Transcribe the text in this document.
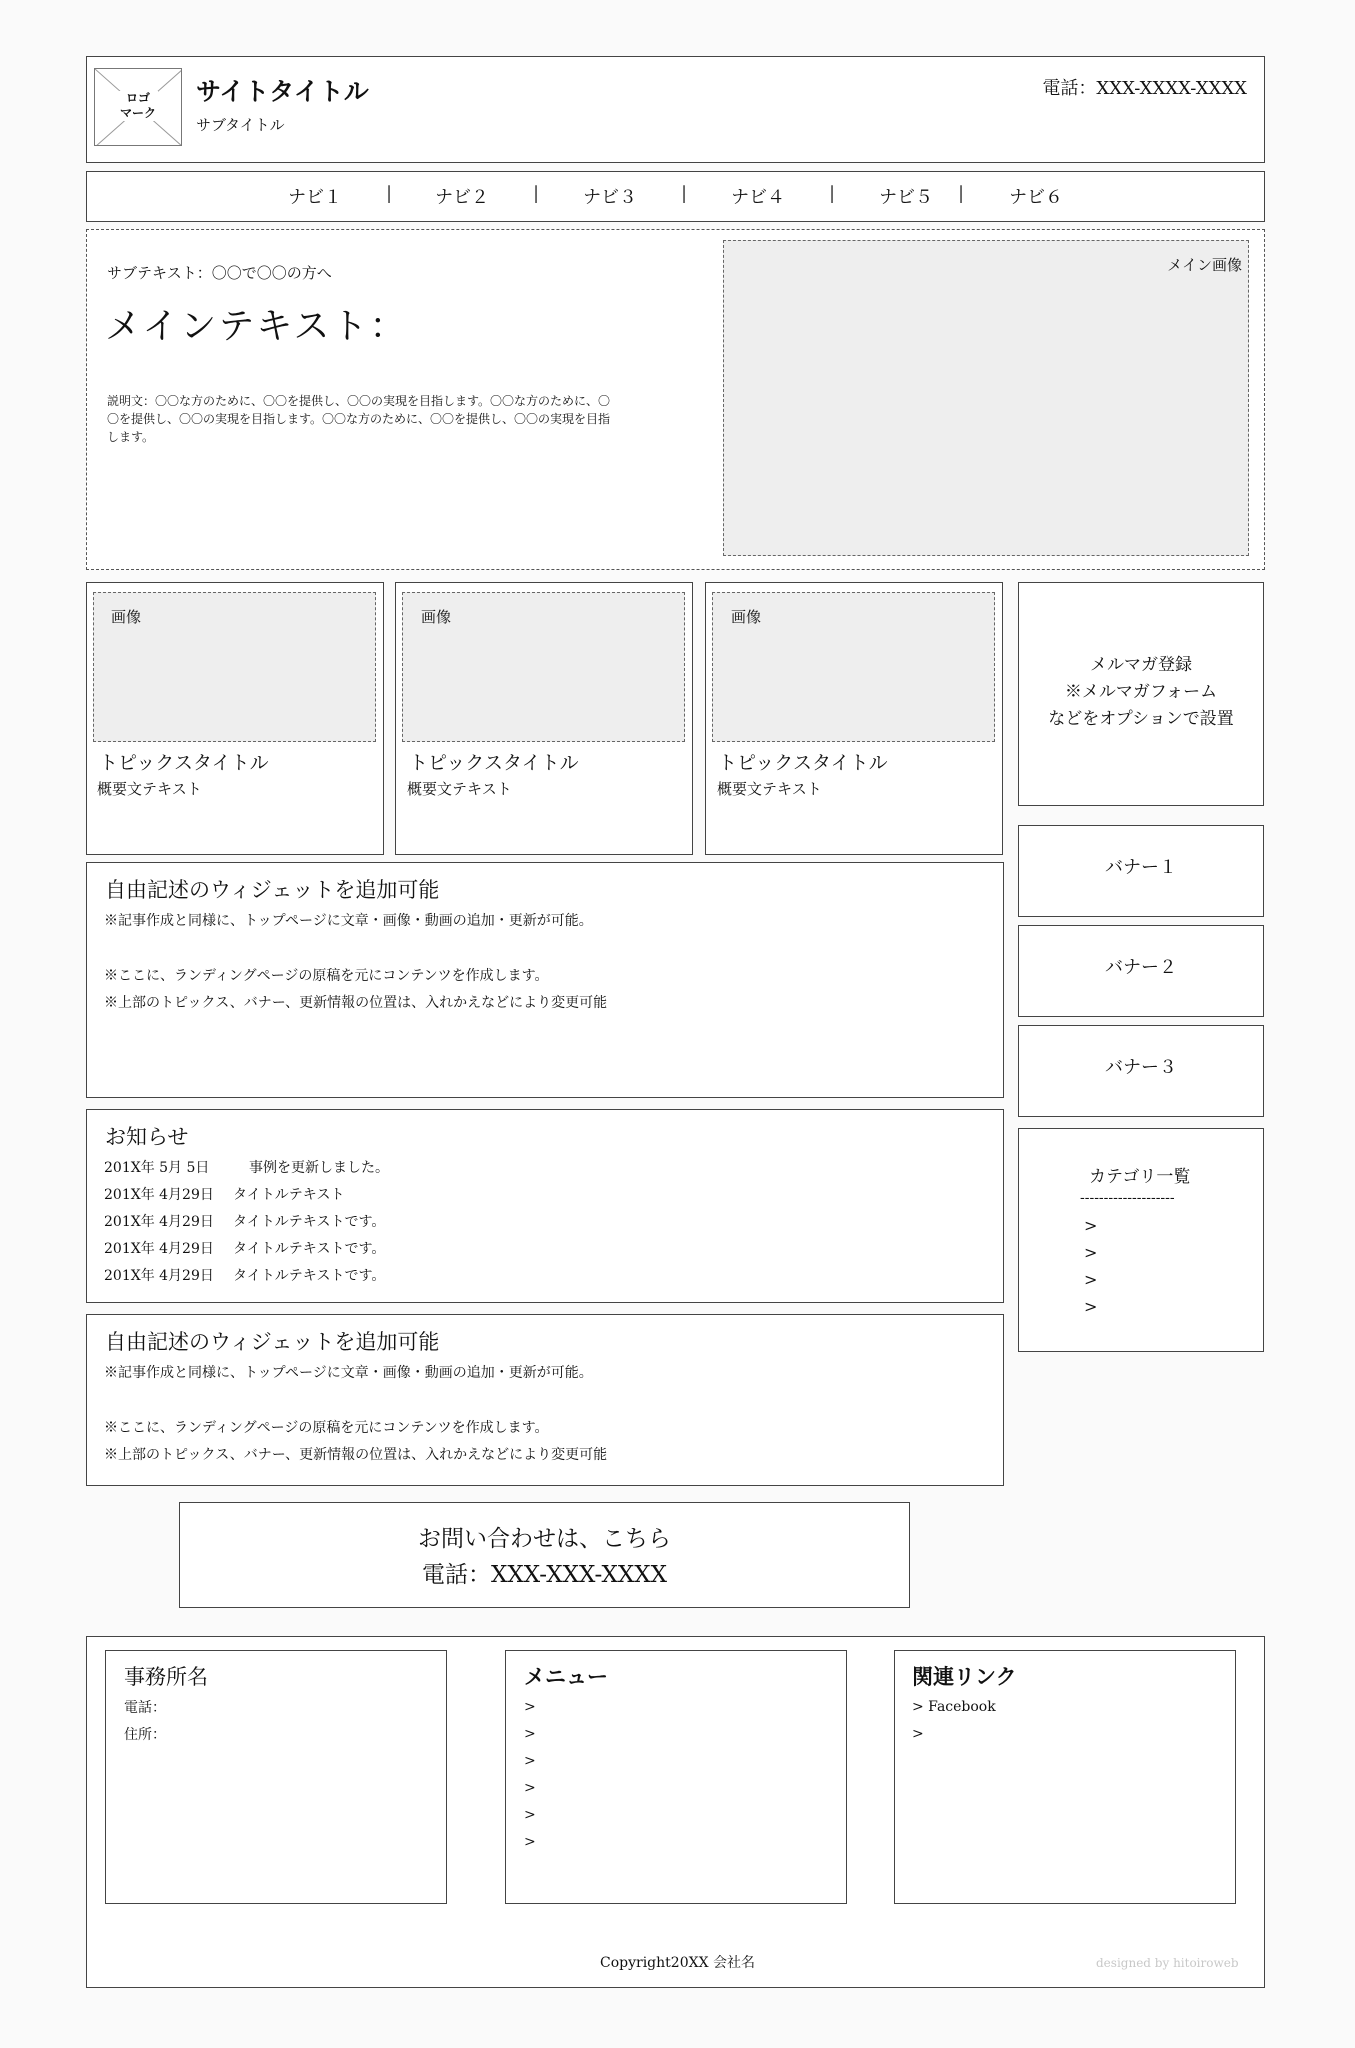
ロゴ
マーク
サイトタイトル
サブタイトル
電話：XXX-XXXX-XXXX
ナビ１ | ナビ２ | ナビ３ | ナビ４ | ナビ５ | ナビ６
サブテキスト：〇〇で〇〇の方へ
メインテキスト：
説明文：〇〇な方のために、〇〇を提供し、〇〇の実現を目指します。〇〇な方のために、〇
〇を提供し、〇〇の実現を目指します。〇〇な方のために、〇〇を提供し、〇〇の実現を目指
します。
メイン画像
画像
トピックスタイトル
概要文テキスト
画像
トピックスタイトル
概要文テキスト
画像
トピックスタイトル
概要文テキスト
メルマガ登録
※メルマガフォーム
などをオプションで設置
バナー１
バナー２
バナー３
カテゴリ一覧
--------------------
>
>
>
>
自由記述のウィジェットを追加可能
※記事作成と同様に、トップページに文章・画像・動画の追加・更新が可能。
※ここに、ランディングページの原稿を元にコンテンツを作成します。
※上部のトピックス、バナー、更新情報の位置は、入れかえなどにより変更可能
お知らせ
201X年 5月 5日	事例を更新しました。
201X年 4月29日 タイトルテキスト
201X年 4月29日 タイトルテキストです。
201X年 4月29日 タイトルテキストです。
201X年 4月29日 タイトルテキストです。
自由記述のウィジェットを追加可能
※記事作成と同様に、トップページに文章・画像・動画の追加・更新が可能。
※ここに、ランディングページの原稿を元にコンテンツを作成します。
※上部のトピックス、バナー、更新情報の位置は、入れかえなどにより変更可能
お問い合わせは、こちら
電話：XXX-XXX-XXXX
事務所名
電話：
住所：
メニュー
>
>
>
>
>
>
関連リンク
> Facebook
>
Copyright20XX 会社名	designed by hitoiroweb
